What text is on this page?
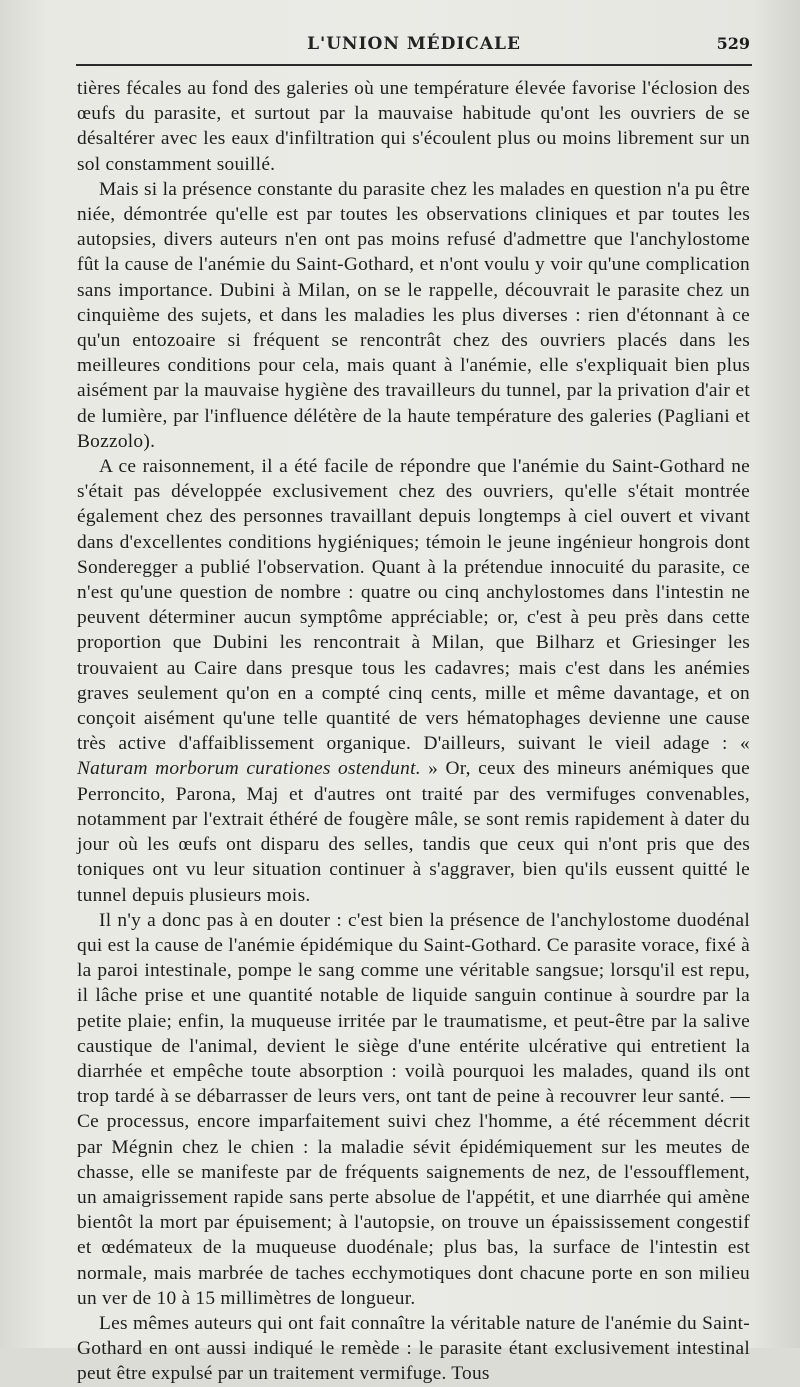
L'UNION MÉDICALE	529

tières fécales au fond des galeries où une température élevée favorise l'éclosion des œufs du parasite, et surtout par la mauvaise habitude qu'ont les ouvriers de se désaltérer avec les eaux d'infiltration qui s'écoulent plus ou moins librement sur un sol constamment souillé.

Mais si la présence constante du parasite chez les malades en question n'a pu être niée, démontrée qu'elle est par toutes les observations cliniques et par toutes les autopsies, divers auteurs n'en ont pas moins refusé d'admettre que l'anchylostome fût la cause de l'anémie du Saint-Gothard, et n'ont voulu y voir qu'une complication sans importance. Dubini à Milan, on se le rappelle, découvrait le parasite chez un cinquième des sujets, et dans les maladies les plus diverses : rien d'étonnant à ce qu'un entozoaire si fréquent se rencontrât chez des ouvriers placés dans les meilleures conditions pour cela, mais quant à l'anémie, elle s'expliquait bien plus aisément par la mauvaise hygiène des travailleurs du tunnel, par la privation d'air et de lumière, par l'influence délétère de la haute température des galeries (Pagliani et Bozzolo).

A ce raisonnement, il a été facile de répondre que l'anémie du Saint-Gothard ne s'était pas développée exclusivement chez des ouvriers, qu'elle s'était montrée également chez des personnes travaillant depuis longtemps à ciel ouvert et vivant dans d'excellentes conditions hygiéniques; témoin le jeune ingénieur hongrois dont Sonderegger a publié l'observation. Quant à la prétendue innocuité du parasite, ce n'est qu'une question de nombre : quatre ou cinq anchylostomes dans l'intestin ne peuvent déterminer aucun symptôme appréciable; or, c'est à peu près dans cette proportion que Dubini les rencontrait à Milan, que Bilharz et Griesinger les trouvaient au Caire dans presque tous les cadavres; mais c'est dans les anémies graves seulement qu'on en a compté cinq cents, mille et même davantage, et on conçoit aisément qu'une telle quantité de vers hématophages devienne une cause très active d'affaiblissement organique. D'ailleurs, suivant le vieil adage : « Naturam morborum curationes ostendunt. » Or, ceux des mineurs anémiques que Perroncito, Parona, Maj et d'autres ont traité par des vermifuges convenables, notamment par l'extrait éthéré de fougère mâle, se sont remis rapidement à dater du jour où les œufs ont disparu des selles, tandis que ceux qui n'ont pris que des toniques ont vu leur situation continuer à s'aggraver, bien qu'ils eussent quitté le tunnel depuis plusieurs mois.

Il n'y a donc pas à en douter : c'est bien la présence de l'anchylostome duodénal qui est la cause de l'anémie épidémique du Saint-Gothard. Ce parasite vorace, fixé à la paroi intestinale, pompe le sang comme une véritable sangsue; lorsqu'il est repu, il lâche prise et une quantité notable de liquide sanguin continue à sourdre par la petite plaie; enfin, la muqueuse irritée par le traumatisme, et peut-être par la salive caustique de l'animal, devient le siège d'une entérite ulcérative qui entretient la diarrhée et empêche toute absorption : voilà pourquoi les malades, quand ils ont trop tardé à se débarrasser de leurs vers, ont tant de peine à recouvrer leur santé. — Ce processus, encore imparfaitement suivi chez l'homme, a été récemment décrit par Mégnin chez le chien : la maladie sévit épidémiquement sur les meutes de chasse, elle se manifeste par de fréquents saignements de nez, de l'essoufflement, un amaigrissement rapide sans perte absolue de l'appétit, et une diarrhée qui amène bientôt la mort par épuisement; à l'autopsie, on trouve un épaississement congestif et œdémateux de la muqueuse duodénale; plus bas, la surface de l'intestin est normale, mais marbrée de taches ecchymotiques dont chacune porte en son milieu un ver de 10 à 15 millimètres de longueur.

Les mêmes auteurs qui ont fait connaître la véritable nature de l'anémie du Saint-Gothard en ont aussi indiqué le remède : le parasite étant exclusivement intestinal peut être expulsé par un traitement vermifuge. Tous
